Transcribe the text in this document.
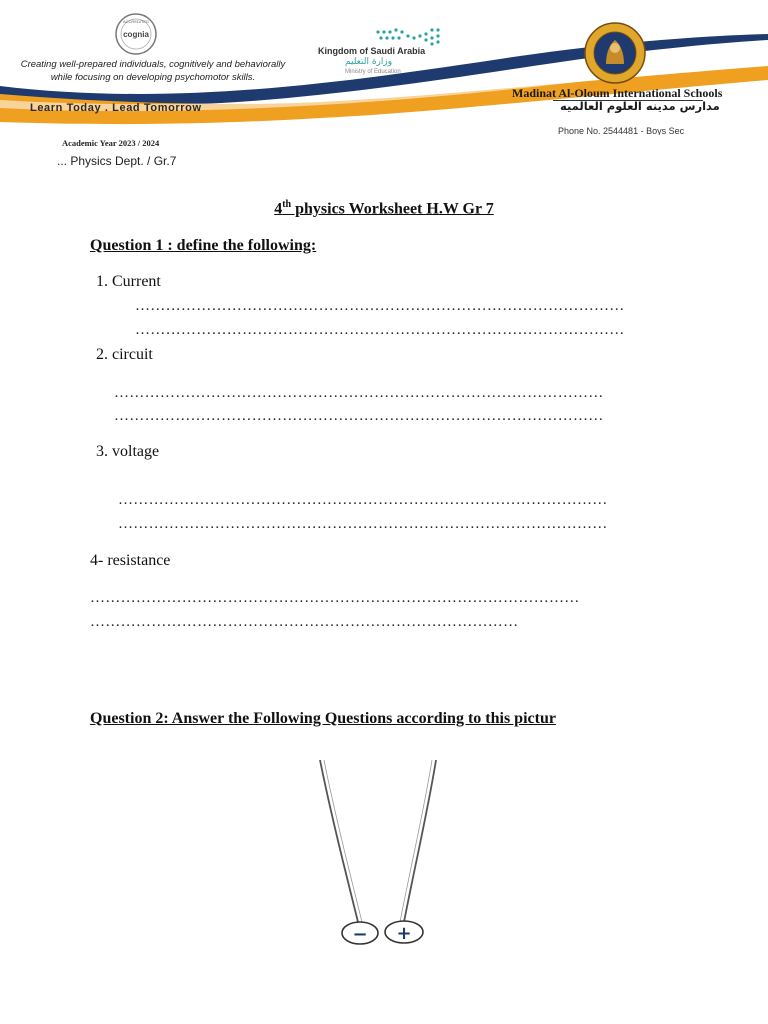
cognia
ACCREDITED
Creating well-prepared individuals, cognitively and behaviorally
while focusing on developing psychomotor skills.
Learn Today . Lead Tomorrow
Kingdom of Saudi Arabia
وزارة التعليم
Ministry of Education
Madinat Al-Oloum International Schools
مدارس مدينه العلوم العالميه
Phone No. 2544481 - Boys Sec
Academic Year 2023 / 2024
... Physics Dept. / Gr.7
4th physics Worksheet H.W Gr 7
Question 1 : define the following:
1. Current
……………………………………………………………………………………
……………………………………………………………………………………
2. circuit
……………………………………………………………………………………
……………………………………………………………………………………
3. voltage
……………………………………………………………………………………
……………………………………………………………………………………
4- resistance
……………………………………………………………………………………
…………………………………………………………………………
Question 2: Answer the Following Questions according to this pictur
− +
